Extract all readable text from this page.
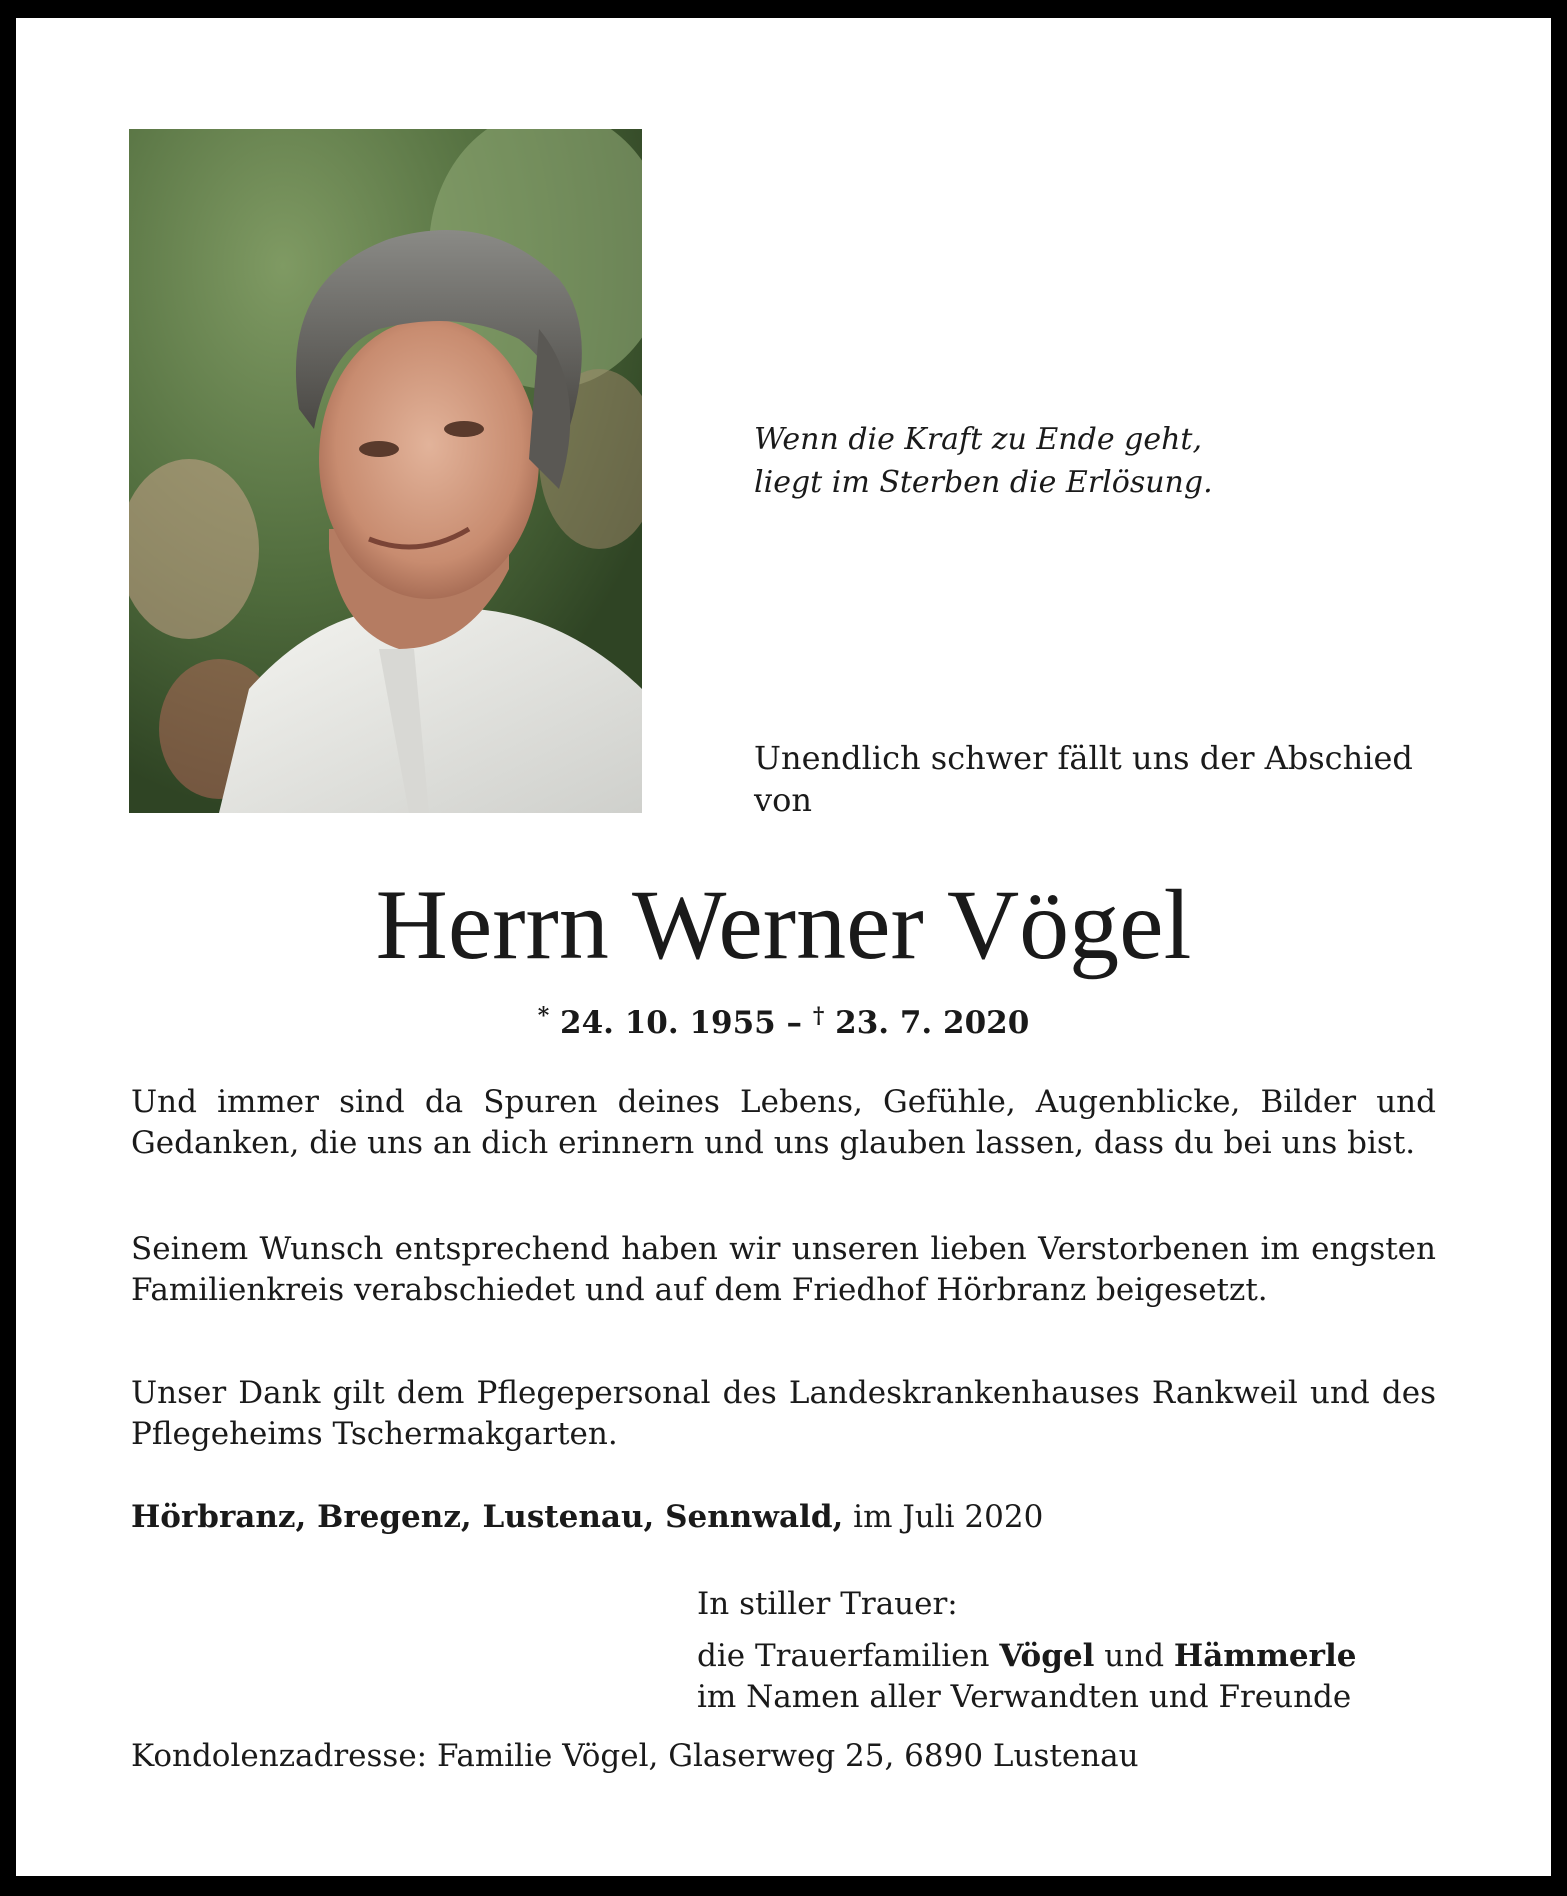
Wenn die Kraft zu Ende geht,
liegt im Sterben die Erlösung.
Unendlich schwer fällt uns der Abschied
von
Herrn Werner Vögel
* 24. 10. 1955 – † 23. 7. 2020
Und immer sind da Spuren deines Lebens, Gefühle, Augenblicke, Bilder und Gedanken, die uns an dich erinnern und uns glauben lassen, dass du bei uns bist.
Seinem Wunsch entsprechend haben wir unseren lieben Verstorbenen im engsten Familienkreis verabschiedet und auf dem Friedhof Hörbranz beigesetzt.
Unser Dank gilt dem Pflegepersonal des Landeskrankenhauses Rankweil und des Pflegeheims Tschermakgarten.
Hörbranz, Bregenz, Lustenau, Sennwald, im Juli 2020
In stiller Trauer:
die Trauerfamilien Vögel und Hämmerle
im Namen aller Verwandten und Freunde
Kondolenzadresse: Familie Vögel, Glaserweg 25, 6890 Lustenau
